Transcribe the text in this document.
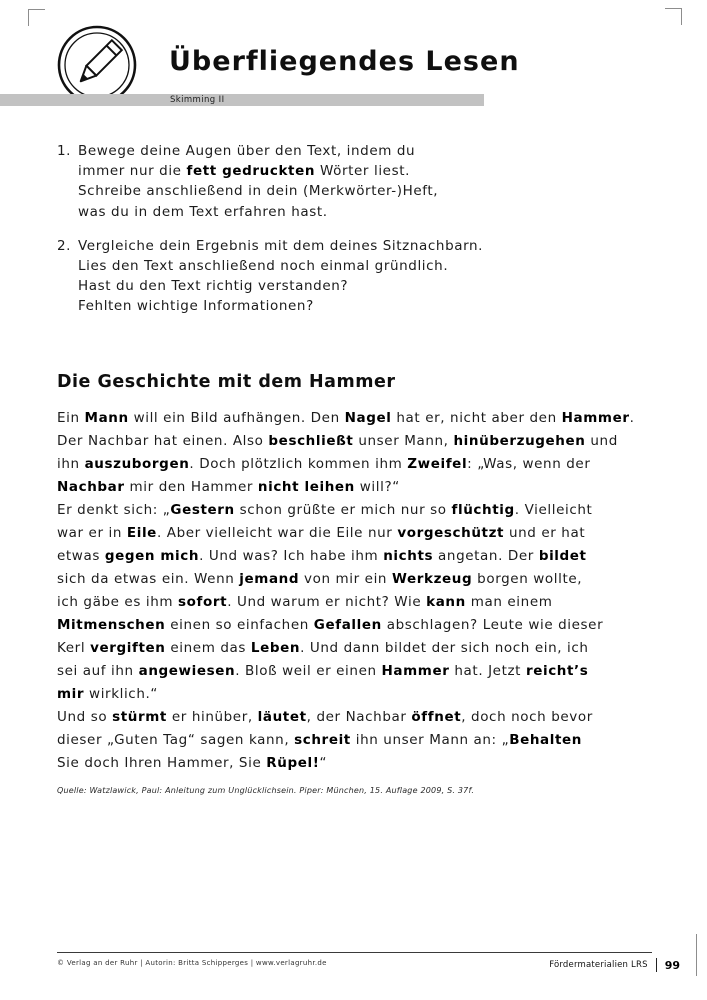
Überfliegendes Lesen
Skimming II
1. Bewege deine Augen über den Text, indem du
immer nur die fett gedruckten Wörter liest.
Schreibe anschließend in dein (Merkwörter-)Heft,
was du in dem Text erfahren hast.
2. Vergleiche dein Ergebnis mit dem deines Sitznachbarn.
Lies den Text anschließend noch einmal gründlich.
Hast du den Text richtig verstanden?
Fehlten wichtige Informationen?
Die Geschichte mit dem Hammer
Ein Mann will ein Bild aufhängen. Den Nagel hat er, nicht aber den Hammer.
Der Nachbar hat einen. Also beschließt unser Mann, hinüberzugehen und
ihn auszuborgen. Doch plötzlich kommen ihm Zweifel: „Was, wenn der
Nachbar mir den Hammer nicht leihen will?“
Er denkt sich: „Gestern schon grüßte er mich nur so flüchtig. Vielleicht
war er in Eile. Aber vielleicht war die Eile nur vorgeschützt und er hat
etwas gegen mich. Und was? Ich habe ihm nichts angetan. Der bildet
sich da etwas ein. Wenn jemand von mir ein Werkzeug borgen wollte,
ich gäbe es ihm sofort. Und warum er nicht? Wie kann man einem
Mitmenschen einen so einfachen Gefallen abschlagen? Leute wie dieser
Kerl vergiften einem das Leben. Und dann bildet der sich noch ein, ich
sei auf ihn angewiesen. Bloß weil er einen Hammer hat. Jetzt reicht’s
mir wirklich.“
Und so stürmt er hinüber, läutet, der Nachbar öffnet, doch noch bevor
dieser „Guten Tag“ sagen kann, schreit ihn unser Mann an: „Behalten
Sie doch Ihren Hammer, Sie Rüpel!“
Quelle: Watzlawick, Paul: Anleitung zum Unglücklichsein. Piper: München, 15. Auflage 2009, S. 37f.
© Verlag an der Ruhr | Autorin: Britta Schipperges | www.verlagruhr.de	Fördermaterialien LRS 99
